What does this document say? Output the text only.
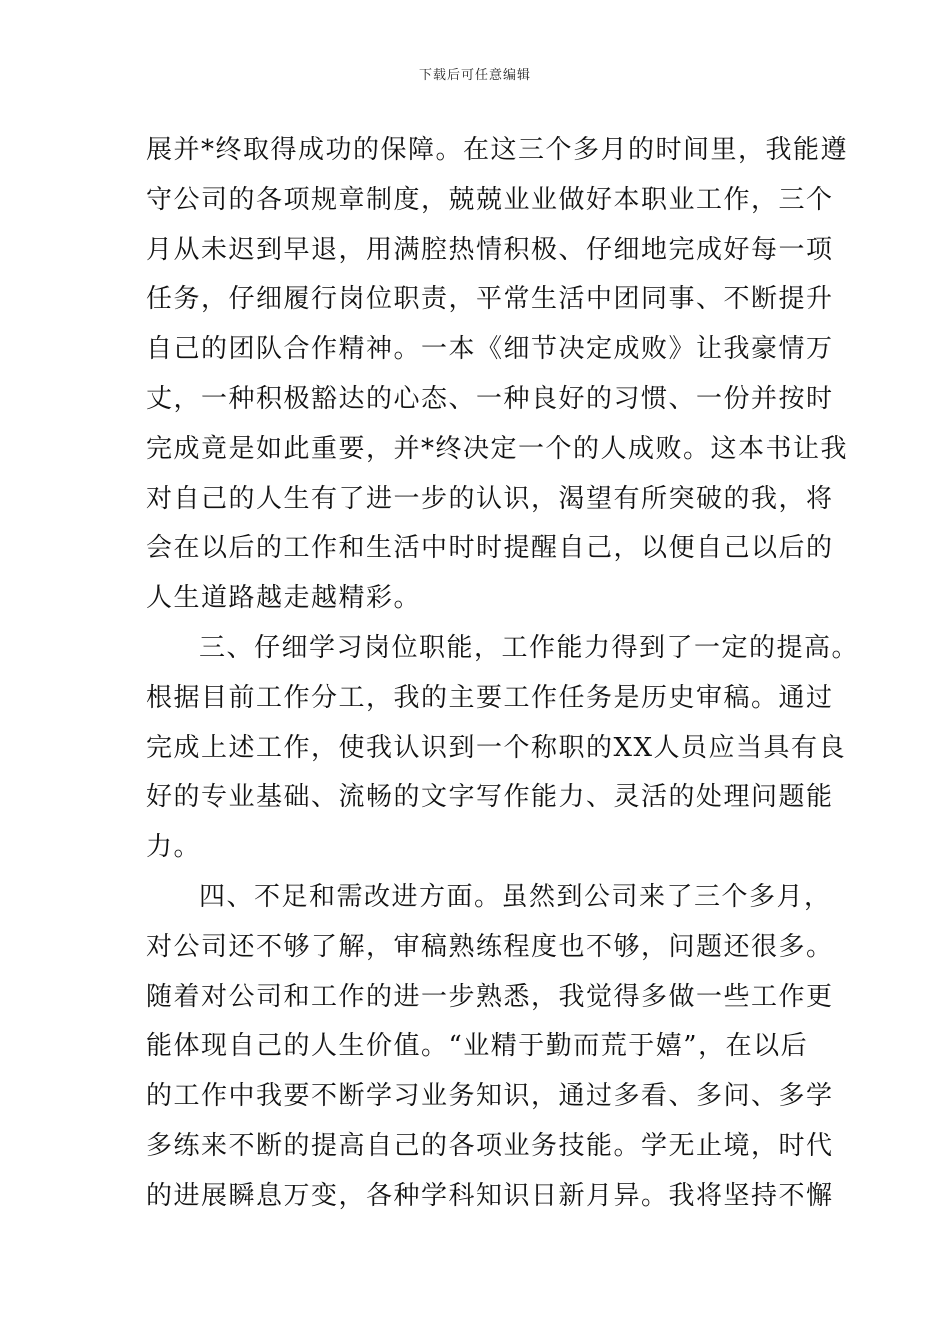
下载后可任意编辑
展并*终取得成功的保障。在这三个多月的时间里，我能遵
守公司的各项规章制度，兢兢业业做好本职业工作，三个
月从未迟到早退，用满腔热情积极、仔细地完成好每一项
任务，仔细履行岗位职责，平常生活中团同事、不断提升
自己的团队合作精神。一本《细节决定成败》让我豪情万
丈，一种积极豁达的心态、一种良好的习惯、一份并按时
完成竟是如此重要，并*终决定一个的人成败。这本书让我
对自己的人生有了进一步的认识，渴望有所突破的我，将
会在以后的工作和生活中时时提醒自己，以便自己以后的
人生道路越走越精彩。
三、仔细学习岗位职能，工作能力得到了一定的提高。
根据目前工作分工，我的主要工作任务是历史审稿。通过
完成上述工作，使我认识到一个称职的XX人员应当具有良
好的专业基础、流畅的文字写作能力、灵活的处理问题能
力。
四、不足和需改进方面。虽然到公司来了三个多月，
对公司还不够了解，审稿熟练程度也不够，问题还很多。
随着对公司和工作的进一步熟悉，我觉得多做一些工作更
能体现自己的人生价值。“业精于勤而荒于嬉”，在以后
的工作中我要不断学习业务知识，通过多看、多问、多学
多练来不断的提高自己的各项业务技能。学无止境，时代
的进展瞬息万变，各种学科知识日新月异。我将坚持不懈
